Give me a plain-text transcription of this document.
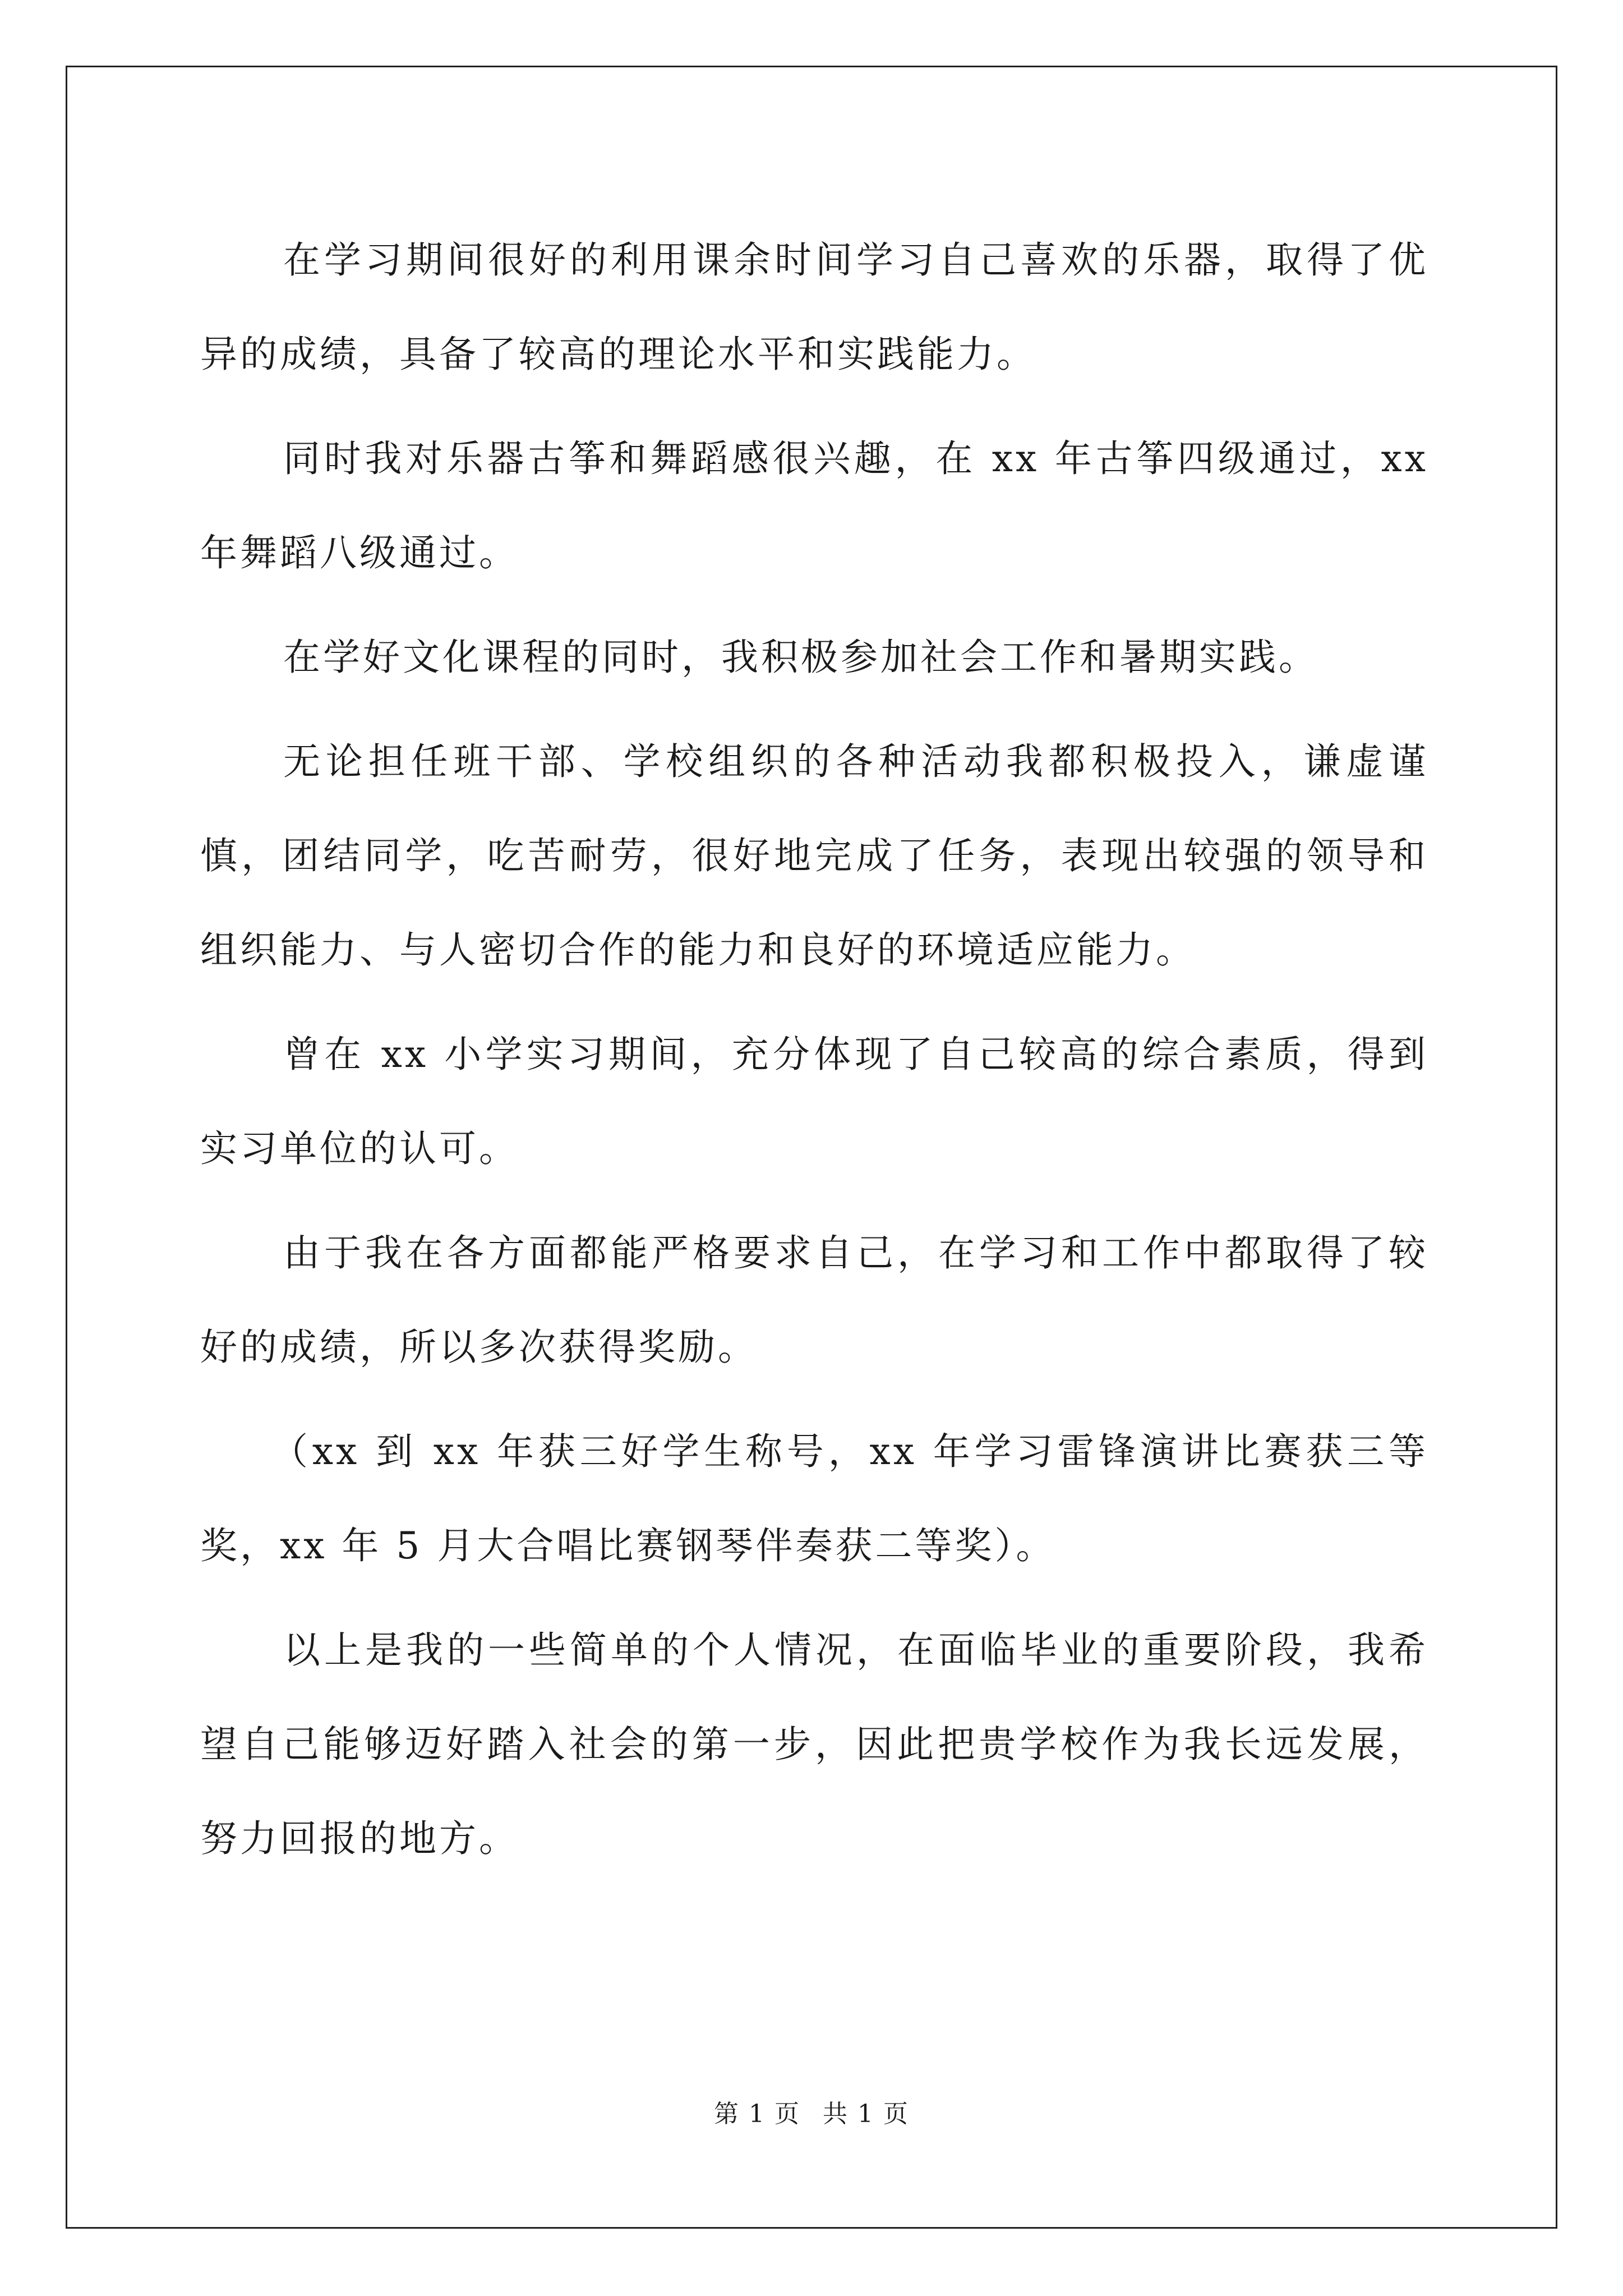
在学习期间很好的利用课余时间学习自己喜欢的乐器，取得了优异的成绩，具备了较高的理论水平和实践能力。

同时我对乐器古筝和舞蹈感很兴趣，在 xx 年古筝四级通过，xx 年舞蹈八级通过。

在学好文化课程的同时，我积极参加社会工作和暑期实践。

无论担任班干部、学校组织的各种活动我都积极投入，谦虚谨慎，团结同学，吃苦耐劳，很好地完成了任务，表现出较强的领导和组织能力、与人密切合作的能力和良好的环境适应能力。

曾在 xx 小学实习期间，充分体现了自己较高的综合素质，得到实习单位的认可。

由于我在各方面都能严格要求自己，在学习和工作中都取得了较好的成绩，所以多次获得奖励。

（xx 到 xx 年获三好学生称号，xx 年学习雷锋演讲比赛获三等奖，xx 年 5 月大合唱比赛钢琴伴奏获二等奖）。

以上是我的一些简单的个人情况，在面临毕业的重要阶段，我希望自己能够迈好踏入社会的第一步，因此把贵学校作为我长远发展，努力回报的地方。

第 1 页 共 1 页
